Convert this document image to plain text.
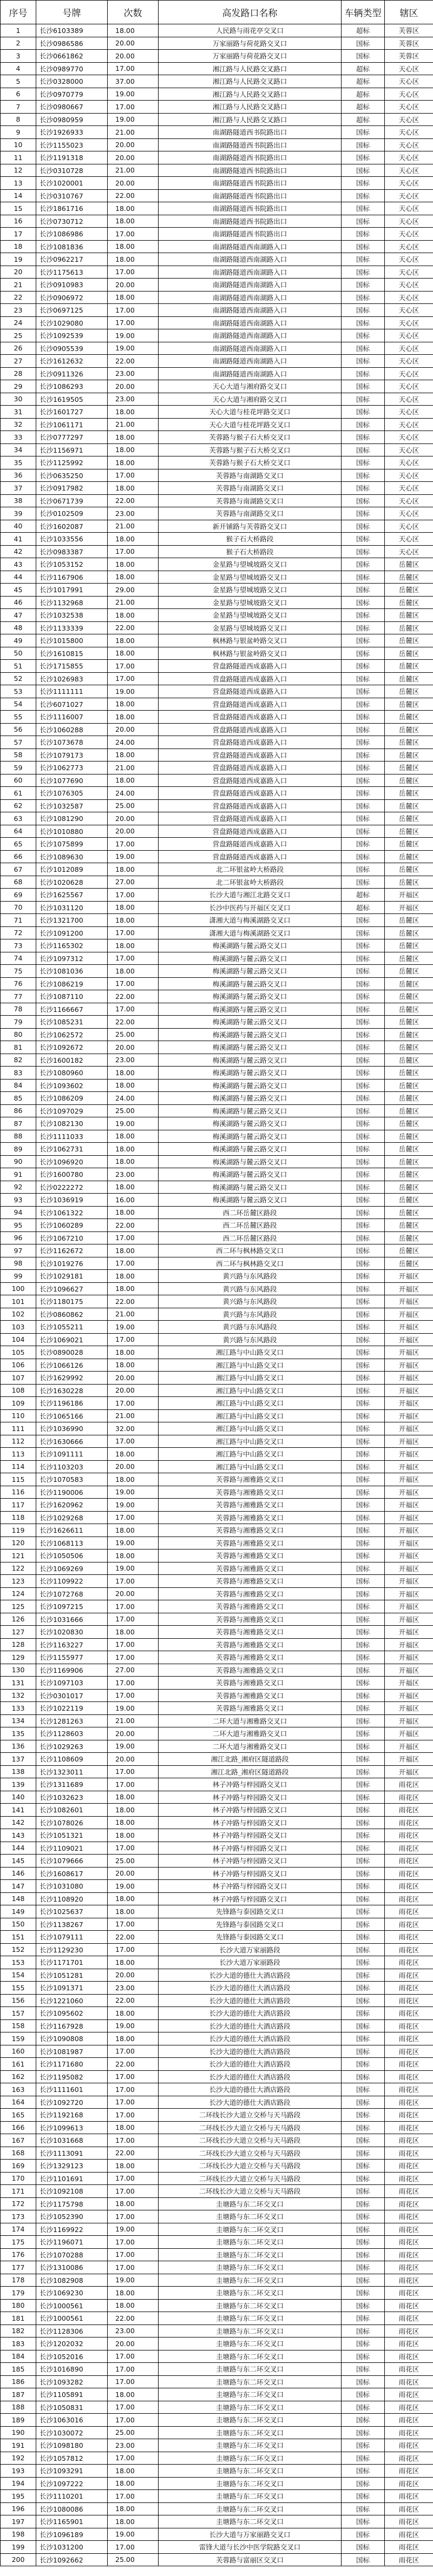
序号	号牌	次数	高发路口名称	车辆类型	辖区
1	长沙6103389	18.00	人民路与雨花亭交叉口	超标	芙蓉区
2	长沙0986586	20.00	万家丽路与荷花路交叉口	国标	芙蓉区
3	长沙0661862	20.00	万家丽路与荷花路交叉口	国标	芙蓉区
4	长沙0989770	17.00	湘江路与人民路交叉路口	超标	天心区
5	长沙0328000	37.00	湘江路与人民路交叉路口	超标	天心区
6	长沙0970779	19.00	湘江路与人民路交叉路口	超标	天心区
7	长沙0980667	17.00	湘江路与人民路交叉路口	超标	天心区
8	长沙0980959	19.00	湘江路与人民路交叉路口	超标	天心区
9	长沙1926933	21.00	南湖路隧道西书院路出口	国标	天心区
10	长沙1155023	20.00	南湖路隧道西书院路出口	国标	天心区
11	长沙1191318	20.00	南湖路隧道西书院路出口	国标	天心区
12	长沙0310728	21.00	南湖路隧道西书院路出口	国标	天心区
13	长沙1020001	20.00	南湖路隧道西书院路出口	国标	天心区
14	长沙0310767	22.00	南湖路隧道西书院路出口	国标	天心区
15	长沙1861716	18.00	南湖路隧道西书院路出口	国标	天心区
16	长沙0730712	18.00	南湖路隧道西书院路出口	国标	天心区
17	长沙1086986	17.00	南湖路隧道西书院路出口	国标	天心区
18	长沙1081836	18.00	南湖路隧道西南湖路入口	国标	天心区
19	长沙0962217	18.00	南湖路隧道西南湖路入口	国标	天心区
20	长沙1175613	17.00	南湖路隧道西南湖路入口	国标	天心区
21	长沙0910983	20.00	南湖路隧道西南湖路入口	国标	天心区
22	长沙0906972	18.00	南湖路隧道西南湖路入口	国标	天心区
23	长沙0697125	17.00	南湖路隧道西南湖路入口	国标	天心区
24	长沙1029080	17.00	南湖路隧道西南湖路入口	国标	天心区
25	长沙1092539	19.00	南湖路隧道西南湖路入口	国标	天心区
26	长沙0905539	19.00	南湖路隧道西南湖路入口	国标	天心区
27	长沙1612632	22.00	南湖路隧道西南湖路入口	国标	天心区
28	长沙0911326	23.00	南湖路隧道西南湖路入口	国标	天心区
29	长沙1086293	20.00	天心大道与湘府路交叉口	国标	天心区
30	长沙1619505	23.00	天心大道与湘府路交叉口	国标	天心区
31	长沙1601727	18.00	天心大道与桂花坪路交叉口	国标	天心区
32	长沙1061171	21.00	天心大道与桂花坪路交叉口	国标	天心区
33	长沙0777297	18.00	芙蓉路与猴子石大桥交叉口	国标	天心区
34	长沙1156971	18.00	芙蓉路与猴子石大桥交叉口	国标	天心区
35	长沙1125992	18.00	芙蓉路与猴子石大桥交叉口	国标	天心区
36	长沙0635250	17.00	芙蓉路与南湖路交叉口	国标	天心区
37	长沙0917982	18.00	芙蓉路与南湖路交叉口	国标	天心区
38	长沙0671739	22.00	芙蓉路与南湖路交叉口	国标	天心区
39	长沙0102509	23.00	芙蓉路与南湖路交叉口	国标	天心区
40	长沙1602087	21.00	新开铺路与芙蓉路交叉口	国标	天心区
41	长沙1033556	18.00	猴子石大桥路段	国标	天心区
42	长沙0983387	17.00	猴子石大桥路段	国标	天心区
43	长沙1053152	18.00	金星路与望城坡路交叉口	国标	岳麓区
44	长沙1167906	18.00	金星路与望城坡路交叉口	国标	岳麓区
45	长沙1017991	29.00	金星路与望城坡路交叉口	国标	岳麓区
46	长沙1132968	21.00	金星路与望城坡路交叉口	国标	岳麓区
47	长沙1032538	18.00	金星路与望城坡路交叉口	国标	岳麓区
48	长沙1133339	22.00	金星路与望城坡路交叉口	国标	岳麓区
49	长沙1015800	18.00	枫林路与银盆岭路交叉口	国标	岳麓区
50	长沙1610815	18.00	枫林路与银盆岭路交叉口	国标	岳麓区
51	长沙1715855	17.00	营盘路隧道西成嘉路入口	国标	岳麓区
52	长沙1026983	17.00	营盘路隧道西成嘉路入口	国标	岳麓区
53	长沙1111111	19.00	营盘路隧道西成嘉路入口	国标	岳麓区
54	长沙6071027	18.00	营盘路隧道西成嘉路入口	国标	岳麓区
55	长沙1116007	18.00	营盘路隧道西成嘉路入口	国标	岳麓区
56	长沙1060288	20.00	营盘路隧道西成嘉路入口	国标	岳麓区
57	长沙1073678	24.00	营盘路隧道西成嘉路入口	国标	岳麓区
58	长沙1079173	18.00	营盘路隧道西成嘉路入口	国标	岳麓区
59	长沙1062773	21.00	营盘路隧道西成嘉路入口	国标	岳麓区
60	长沙1077690	18.00	营盘路隧道西成嘉路入口	国标	岳麓区
61	长沙1076305	24.00	营盘路隧道西成嘉路入口	国标	岳麓区
62	长沙1032587	25.00	营盘路隧道西成嘉路入口	国标	岳麓区
63	长沙1081290	20.00	营盘路隧道西成嘉路入口	国标	岳麓区
64	长沙1010880	20.00	营盘路隧道西成嘉路入口	国标	岳麓区
65	长沙1075899	17.00	营盘路隧道西成嘉路入口	国标	岳麓区
66	长沙1089630	19.00	营盘路隧道西成嘉路入口	国标	岳麓区
67	长沙1012089	18.00	北二环银盆岭大桥路段	国标	岳麓区
68	长沙1020628	27.00	北二环银盆岭大桥路段	国标	岳麓区
69	长沙1625567	17.00	长沙大道与湘江北路交叉口	超标	开福区
70	长沙1031120	18.00	长沙中医药与开福区交叉口	超标	开福区
71	长沙1321700	18.00	潇湘大道与梅溪湖路交叉口	国标	岳麓区
72	长沙1091200	17.00	潇湘大道与梅溪湖路交叉口	国标	岳麓区
73	长沙1165302	18.00	梅溪湖路与麓云路交叉口	国标	岳麓区
74	长沙1097312	17.00	梅溪湖路与麓云路交叉口	国标	岳麓区
75	长沙1081036	18.00	梅溪湖路与麓云路交叉口	国标	岳麓区
76	长沙1086219	17.00	梅溪湖路与麓云路交叉口	国标	岳麓区
77	长沙1087110	22.00	梅溪湖路与麓云路交叉口	国标	岳麓区
78	长沙1166667	17.00	梅溪湖路与麓云路交叉口	国标	岳麓区
79	长沙1085231	22.00	梅溪湖路与麓云路交叉口	国标	岳麓区
80	长沙1062572	25.00	梅溪湖路与麓云路交叉口	国标	岳麓区
81	长沙1092672	20.00	梅溪湖路与麓云路交叉口	国标	岳麓区
82	长沙1600182	23.00	梅溪湖路与麓云路交叉口	国标	岳麓区
83	长沙1080960	18.00	梅溪湖路与麓云路交叉口	国标	岳麓区
84	长沙1093602	18.00	梅溪湖路与麓云路交叉口	国标	岳麓区
85	长沙1086209	24.00	梅溪湖路与麓云路交叉口	国标	岳麓区
86	长沙1097029	25.00	梅溪湖路与麓云路交叉口	国标	岳麓区
87	长沙1082130	19.00	梅溪湖路与麓云路交叉口	国标	岳麓区
88	长沙1111033	18.00	梅溪湖路与麓云路交叉口	国标	岳麓区
89	长沙1062731	18.00	梅溪湖路与麓云路交叉口	国标	岳麓区
90	长沙1096920	18.00	梅溪湖路与麓云路交叉口	国标	岳麓区
91	长沙1600780	23.00	梅溪湖路与麓云路交叉口	国标	岳麓区
92	长沙0222272	18.00	梅溪湖路与麓云路交叉口	国标	岳麓区
93	长沙1036919	16.00	梅溪湖路与麓云路交叉口	国标	岳麓区
94	长沙1061322	18.00	西二环岳麓区路段	国标	岳麓区
95	长沙1060289	22.00	西二环岳麓区路段	国标	岳麓区
96	长沙1067210	17.00	西二环岳麓区路段	国标	岳麓区
97	长沙1162672	18.00	西二环与枫林路交叉口	国标	岳麓区
98	长沙1019276	17.00	西二环与枫林路交叉口	国标	岳麓区
99	长沙1029181	18.00	黄兴路与东风路段	国标	开福区
100	长沙1096627	18.00	黄兴路与东风路段	国标	开福区
101	长沙1180175	22.00	黄兴路与东风路段	国标	开福区
102	长沙0860862	21.00	黄兴路与东风路段	国标	开福区
103	长沙1055211	19.00	黄兴路与东风路段	国标	开福区
104	长沙1069021	17.00	黄兴路与东风路段	国标	开福区
105	长沙0890028	18.00	湘江路与中山路交叉口	国标	开福区
106	长沙1066126	18.00	湘江路与中山路交叉口	国标	开福区
107	长沙1629992	20.00	湘江路与中山路交叉口	国标	开福区
108	长沙1630228	20.00	湘江路与中山路交叉口	国标	开福区
109	长沙1196186	17.00	湘江路与中山路交叉口	国标	开福区
110	长沙1065166	21.00	湘江路与中山路交叉口	国标	开福区
111	长沙1036990	32.00	湘江路与中山路交叉口	国标	开福区
112	长沙1630666	17.00	湘江路与中山路交叉口	国标	开福区
113	长沙1091111	18.00	湘江路与中山路交叉口	国标	开福区
114	长沙1103203	20.00	湘江路与中山路交叉口	国标	开福区
115	长沙1070583	18.00	芙蓉路与湘雅路交叉口	国标	开福区
116	长沙1190006	19.00	芙蓉路与湘雅路交叉口	国标	开福区
117	长沙1620962	19.00	芙蓉路与湘雅路交叉口	国标	开福区
118	长沙1029268	17.00	芙蓉路与湘雅路交叉口	国标	开福区
119	长沙1626611	18.00	芙蓉路与湘雅路交叉口	国标	开福区
120	长沙1068113	19.00	芙蓉路与湘雅路交叉口	国标	开福区
121	长沙1050506	18.00	芙蓉路与湘雅路交叉口	国标	开福区
122	长沙1069269	19.00	芙蓉路与湘雅路交叉口	国标	开福区
123	长沙1109922	17.00	芙蓉路与湘雅路交叉口	国标	开福区
124	长沙1072768	20.00	芙蓉路与湘雅路交叉口	国标	开福区
125	长沙1097215	17.00	芙蓉路与湘雅路交叉口	国标	开福区
126	长沙1031666	17.00	芙蓉路与湘雅路交叉口	国标	开福区
127	长沙1020830	18.00	芙蓉路与湘雅路交叉口	国标	开福区
128	长沙1163227	17.00	芙蓉路与湘雅路交叉口	国标	开福区
129	长沙1155977	17.00	芙蓉路与湘雅路交叉口	国标	开福区
130	长沙1169906	27.00	芙蓉路与湘雅路交叉口	国标	开福区
131	长沙1097103	17.00	芙蓉路与湘雅路交叉口	国标	开福区
132	长沙0301017	17.00	芙蓉路与湘雅路交叉口	国标	开福区
133	长沙1022119	19.00	芙蓉路与湘雅路交叉口	国标	开福区
134	长沙1281263	21.00	二环大道与湘雅路交叉口	国标	开福区
135	长沙1128603	20.00	二环大道与湘雅路交叉口	国标	开福区
136	长沙1029263	19.00	二环大道与湘雅路交叉口	国标	开福区
137	长沙1108609	20.00	湘江北路_湘府区隧道路段	国标	开福区
138	长沙1323011	17.00	湘江北路_湘府区隧道路段	国标	开福区
139	长沙1311689	17.00	林子冲路与梓园路交叉口	国标	雨花区
140	长沙1032623	18.00	林子冲路与梓园路交叉口	国标	雨花区
141	长沙1082601	18.00	林子冲路与梓园路交叉口	国标	雨花区
142	长沙1078026	18.00	林子冲路与梓园路交叉口	国标	雨花区
143	长沙1051321	18.00	林子冲路与梓园路交叉口	国标	雨花区
144	长沙1109021	17.00	林子冲路与梓园路交叉口	国标	雨花区
145	长沙1079666	25.00	林子冲路与梓园路交叉口	国标	雨花区
146	长沙1608617	20.00	林子冲路与梓园路交叉口	国标	雨花区
147	长沙1031080	19.00	林子冲路与梓园路交叉口	国标	雨花区
148	长沙1108920	18.00	林子冲路与梓园路交叉口	国标	雨花区
149	长沙1025637	18.00	先锋路与泰园路交叉口	国标	雨花区
150	长沙1138267	17.00	先锋路与泰园路交叉口	国标	雨花区
151	长沙1079111	22.00	先锋路与泰园路交叉口	国标	雨花区
152	长沙1129230	17.00	长沙大道万家丽路段	国标	雨花区
153	长沙1171701	18.00	长沙大道万家丽路段	国标	雨花区
154	长沙1051281	20.00	长沙大道的德仕大酒店路段	国标	雨花区
155	长沙1091371	23.00	长沙大道的德仕大酒店路段	国标	雨花区
156	长沙1221060	22.00	长沙大道的德仕大酒店路段	国标	雨花区
157	长沙1095602	18.00	长沙大道的德仕大酒店路段	国标	雨花区
158	长沙1167928	19.00	长沙大道的德仕大酒店路段	国标	雨花区
159	长沙1090808	18.00	长沙大道的德仕大酒店路段	国标	雨花区
160	长沙1081987	17.00	长沙大道的德仕大酒店路段	国标	雨花区
161	长沙1171680	22.00	长沙大道的德仕大酒店路段	国标	雨花区
162	长沙1195082	17.00	长沙大道的德仕大酒店路段	国标	雨花区
163	长沙1111601	17.00	长沙大道的德仕大酒店路段	国标	雨花区
164	长沙1092720	17.00	长沙大道的德仕大酒店路段	国标	雨花区
165	长沙1192168	17.00	二环线长沙大道立交桥与天马路段	国标	雨花区
166	长沙1099613	18.00	二环线长沙大道立交桥与天马路段	国标	雨花区
167	长沙1031668	17.00	二环线长沙大道立交桥与天马路段	国标	雨花区
168	长沙1113091	22.00	二环线长沙大道立交桥与天马路段	国标	雨花区
169	长沙1329123	18.00	二环线长沙大道立交桥与天马路段	国标	雨花区
170	长沙1101691	17.00	二环线长沙大道立交桥与天马路段	国标	雨花区
171	长沙1092108	17.00	二环线长沙大道立交桥与天马路段	国标	雨花区
172	长沙1175798	18.00	圭塘路与东二环交叉口	国标	雨花区
173	长沙1052390	17.00	圭塘路与东二环交叉口	国标	雨花区
174	长沙1169922	19.00	圭塘路与东二环交叉口	国标	雨花区
175	长沙1196071	17.00	圭塘路与东二环交叉口	国标	雨花区
176	长沙1070288	17.00	圭塘路与东二环交叉口	国标	雨花区
177	长沙1310086	17.00	圭塘路与东二环交叉口	国标	雨花区
178	长沙1082908	19.00	圭塘路与东二环交叉口	国标	雨花区
179	长沙1069230	18.00	圭塘路与东二环交叉口	国标	雨花区
180	长沙1000561	18.00	圭塘路与东二环交叉口	国标	雨花区
181	长沙1000561	22.00	圭塘路与东二环交叉口	国标	雨花区
182	长沙1128306	23.00	圭塘路与东二环交叉口	国标	雨花区
183	长沙1202032	20.00	圭塘路与东二环交叉口	国标	雨花区
184	长沙1052016	17.00	圭塘路与东二环交叉口	国标	雨花区
185	长沙1016890	17.00	圭塘路与东二环交叉口	国标	雨花区
186	长沙1093282	17.00	圭塘路与东二环交叉口	国标	雨花区
187	长沙1105891	18.00	圭塘路与东二环交叉口	国标	雨花区
188	长沙1050831	17.00	圭塘路与东二环交叉口	国标	雨花区
189	长沙1063016	17.00	圭塘路与东二环交叉口	国标	雨花区
190	长沙1030072	25.00	圭塘路与东二环交叉口	国标	雨花区
191	长沙1098180	23.00	圭塘路与东二环交叉口	国标	雨花区
192	长沙1057812	17.00	圭塘路与东二环交叉口	国标	雨花区
193	长沙1093291	18.00	圭塘路与东二环交叉口	国标	雨花区
194	长沙1097222	18.00	圭塘路与东二环交叉口	国标	雨花区
195	长沙1110201	17.00	圭塘路与东二环交叉口	国标	雨花区
196	长沙1080086	18.00	圭塘路与东二环交叉口	国标	雨花区
197	长沙1165901	18.00	圭塘路与东二环交叉口	国标	雨花区
198	长沙1096189	19.00	长沙大道与万家丽路交叉口	国标	雨花区
199	长沙1031200	17.00	雷锋大道与长沙中医学院路交叉口	国标	雨花区
200	长沙1092662	25.00	芙蓉路与富丽区交叉口	国标	雨花区
